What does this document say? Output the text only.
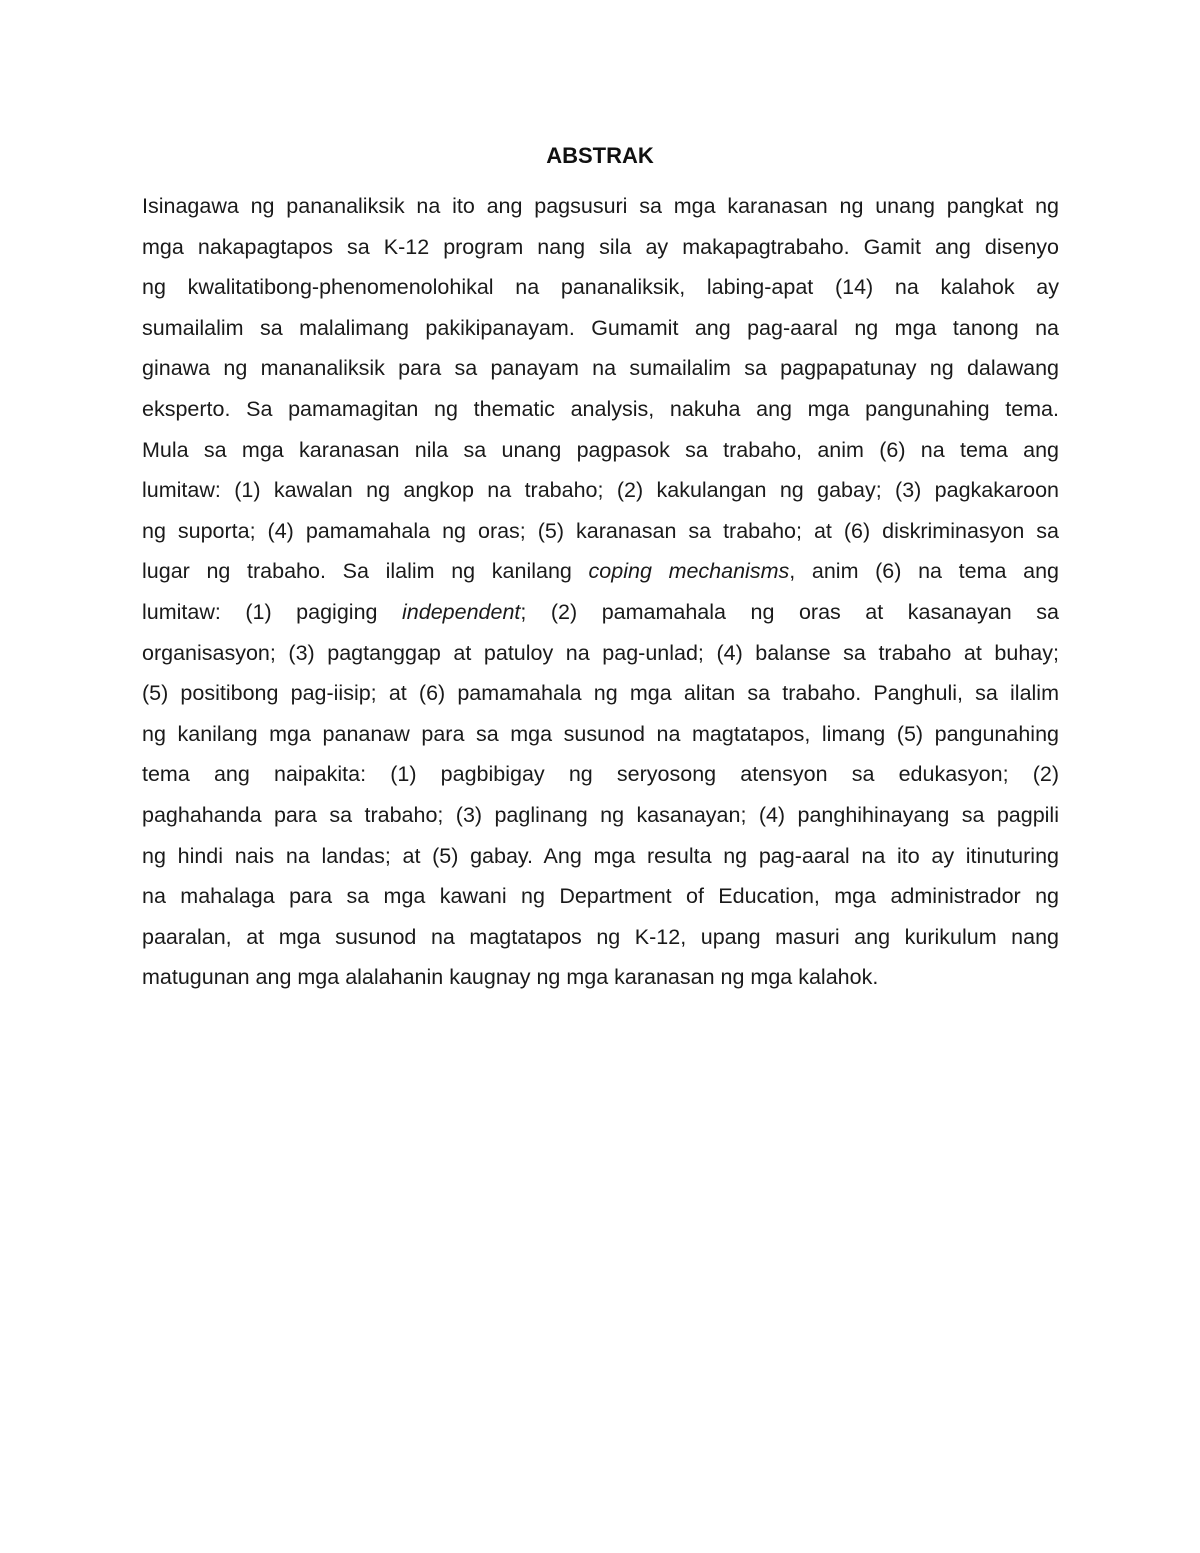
ABSTRAK
Isinagawa ng pananaliksik na ito ang pagsusuri sa mga karanasan ng unang pangkat ng
mga nakapagtapos sa K-12 program nang sila ay makapagtrabaho. Gamit ang disenyo
ng kwalitatibong-phenomenolohikal na pananaliksik, labing-apat (14) na kalahok ay
sumailalim sa malalimang pakikipanayam. Gumamit ang pag-aaral ng mga tanong na
ginawa ng mananaliksik para sa panayam na sumailalim sa pagpapatunay ng dalawang
eksperto. Sa pamamagitan ng thematic analysis, nakuha ang mga pangunahing tema.
Mula sa mga karanasan nila sa unang pagpasok sa trabaho, anim (6) na tema ang
lumitaw: (1) kawalan ng angkop na trabaho; (2) kakulangan ng gabay; (3) pagkakaroon
ng suporta; (4) pamamahala ng oras; (5) karanasan sa trabaho; at (6) diskriminasyon sa
lugar ng trabaho. Sa ilalim ng kanilang coping mechanisms, anim (6) na tema ang
lumitaw: (1) pagiging independent; (2) pamamahala ng oras at kasanayan sa
organisasyon; (3) pagtanggap at patuloy na pag-unlad; (4) balanse sa trabaho at buhay;
(5) positibong pag-iisip; at (6) pamamahala ng mga alitan sa trabaho. Panghuli, sa ilalim
ng kanilang mga pananaw para sa mga susunod na magtatapos, limang (5) pangunahing
tema ang naipakita: (1) pagbibigay ng seryosong atensyon sa edukasyon; (2)
paghahanda para sa trabaho; (3) paglinang ng kasanayan; (4) panghihinayang sa pagpili
ng hindi nais na landas; at (5) gabay. Ang mga resulta ng pag-aaral na ito ay itinuturing
na mahalaga para sa mga kawani ng Department of Education, mga administrador ng
paaralan, at mga susunod na magtatapos ng K-12, upang masuri ang kurikulum nang
matugunan ang mga alalahanin kaugnay ng mga karanasan ng mga kalahok.
